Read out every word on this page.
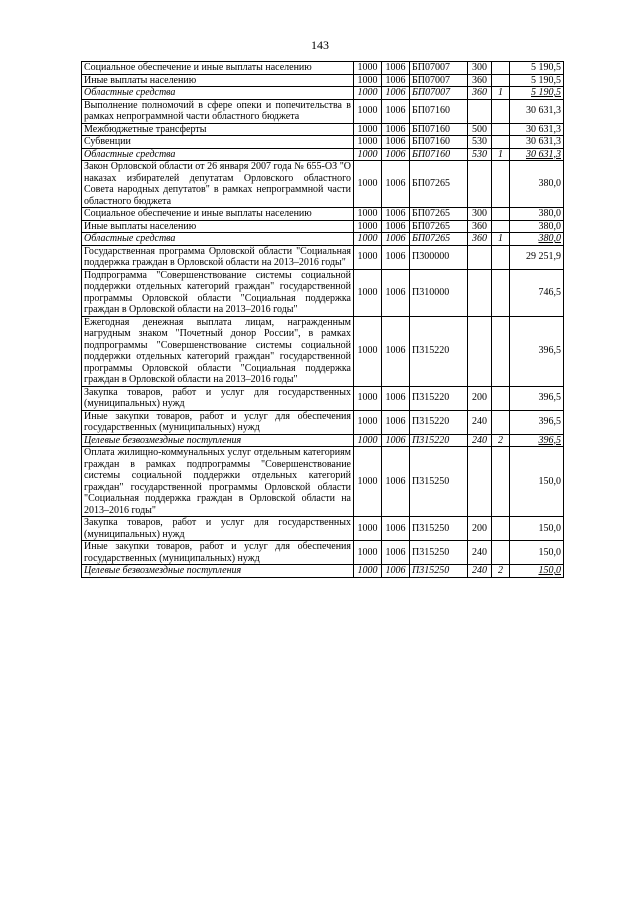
143
Социальное обеспечение и иные выплаты населению	1000	1006	БП07007	300		5 190,5
Иные выплаты населению	1000	1006	БП07007	360		5 190,5
Областные средства	1000	1006	БП07007	360	1	5 190,5
Выполнение полномочий в сфере опеки и попечительства в рамках непрограммной части областного бюджета	1000	1006	БП07160			30 631,3
Межбюджетные трансферты	1000	1006	БП07160	500		30 631,3
Субвенции	1000	1006	БП07160	530		30 631,3
Областные средства	1000	1006	БП07160	530	1	30 631,3
Закон Орловской области от 26 января 2007 года № 655-ОЗ "О наказах избирателей депутатам Орловского областного Совета народных депутатов" в рамках непрограммной части областного бюджета	1000	1006	БП07265			380,0
Социальное обеспечение и иные выплаты населению	1000	1006	БП07265	300		380,0
Иные выплаты населению	1000	1006	БП07265	360		380,0
Областные средства	1000	1006	БП07265	360	1	380,0
Государственная программа Орловской области "Социальная поддержка граждан в Орловской области на 2013–2016 годы"	1000	1006	П300000			29 251,9
Подпрограмма "Совершенствование системы социальной поддержки отдельных категорий граждан" государственной программы Орловской области "Социальная поддержка граждан в Орловской области на 2013–2016 годы"	1000	1006	П310000			746,5
Ежегодная денежная выплата лицам, награжденным нагрудным знаком "Почетный донор России", в рамках подпрограммы "Совершенствование системы социальной поддержки отдельных категорий граждан" государственной программы Орловской области "Социальная поддержка граждан в Орловской области на 2013–2016 годы"	1000	1006	П315220			396,5
Закупка товаров, работ и услуг для государственных (муниципальных) нужд	1000	1006	П315220	200		396,5
Иные закупки товаров, работ и услуг для обеспечения государственных (муниципальных) нужд	1000	1006	П315220	240		396,5
Целевые безвозмездные поступления	1000	1006	П315220	240	2	396,5
Оплата жилищно-коммунальных услуг отдельным категориям граждан в рамках подпрограммы "Совершенствование системы социальной поддержки отдельных категорий граждан" государственной программы Орловской области "Социальная поддержка граждан в Орловской области на 2013–2016 годы"	1000	1006	П315250			150,0
Закупка товаров, работ и услуг для государственных (муниципальных) нужд	1000	1006	П315250	200		150,0
Иные закупки товаров, работ и услуг для обеспечения государственных (муниципальных) нужд	1000	1006	П315250	240		150,0
Целевые безвозмездные поступления	1000	1006	П315250	240	2	150,0
